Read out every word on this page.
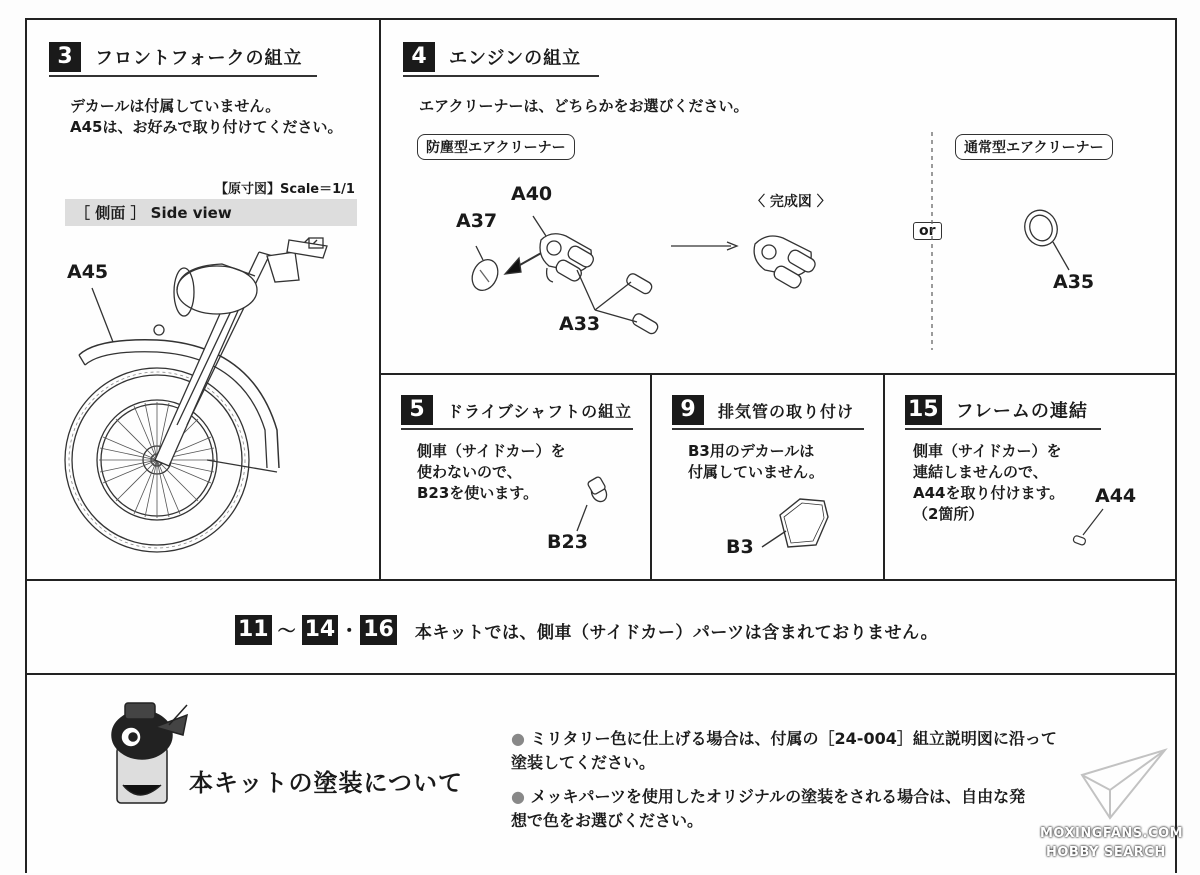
3	フロントフォークの組立
デカールは付属していません。
A45は、お好みで取り付けてください。
【原寸図】Scale＝1/1
［ 側面 ］ Side view
A45
4	エンジンの組立
エアクリーナーは、どちらかをお選びください。
防塵型エアクリーナー	通常型エアクリーナー
or
〈 完成図 〉
A40
A37
A33
A35
5	ドライブシャフトの組立
側車（サイドカー）を
使わないので、
B23を使います。
B23
9	排気管の取り付け
B3用のデカールは
付属していません。
B3
15 フレームの連結
側車（サイドカー）を
連結しませんので、
A44を取り付けます。
（2箇所）
A44
11 ～ 14 ・ 16 本キットでは、側車（サイドカー）パーツは含まれておりません。
本キットの塗装について
● ミリタリー色に仕上げる場合は、付属の［24-004］組立説明図に沿って
塗装してください。
● メッキパーツを使用したオリジナルの塗装をされる場合は、自由な発
想で色をお選びください。
MOXINGFANS.COM
HOBBY SEARCH
